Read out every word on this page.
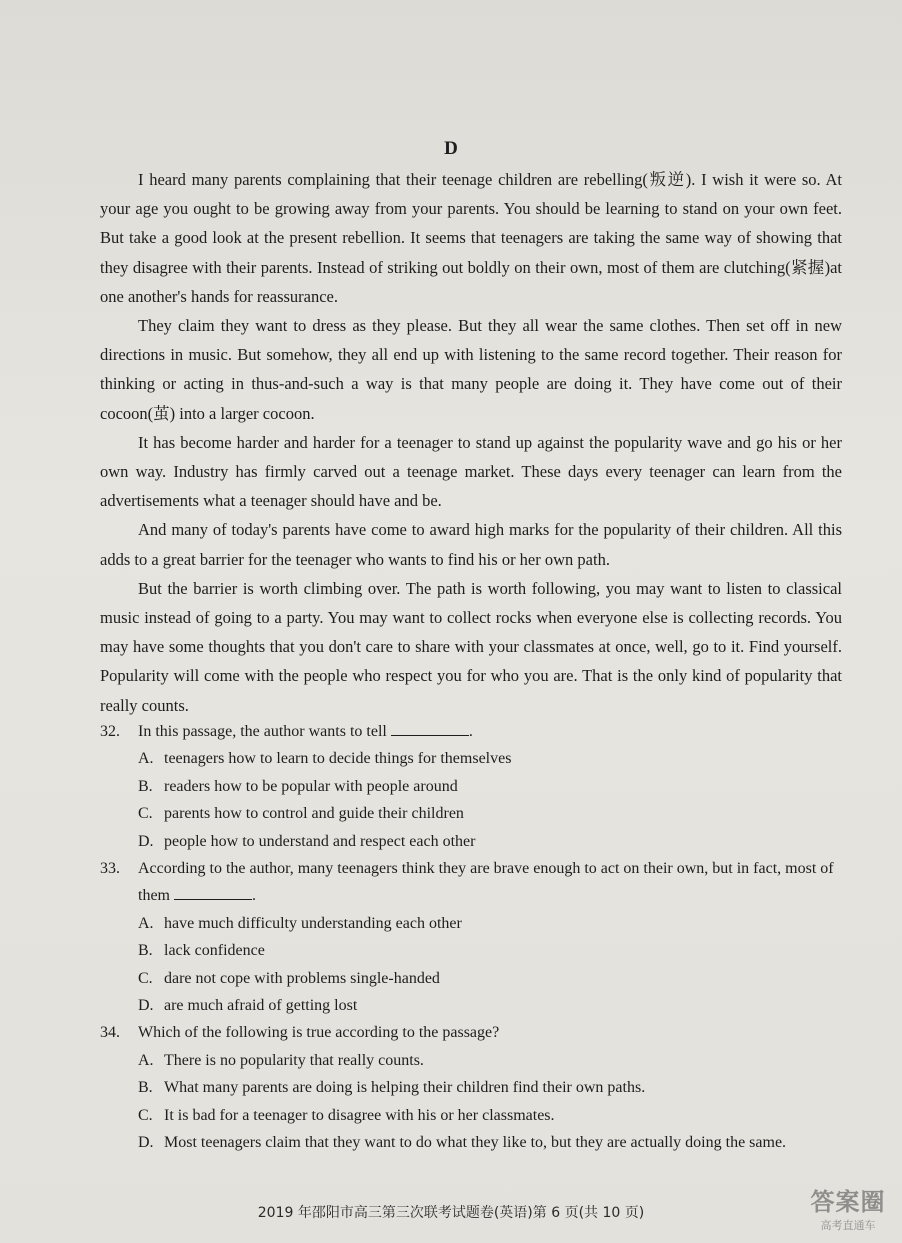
D

I heard many parents complaining that their teenage children are rebelling(叛逆). I wish it were so. At your age you ought to be growing away from your parents. You should be learning to stand on your own feet. But take a good look at the present rebellion. It seems that teenagers are taking the same way of showing that they disagree with their parents. Instead of striking out boldly on their own, most of them are clutching(紧握)at one another's hands for reassurance.

They claim they want to dress as they please. But they all wear the same clothes. Then set off in new directions in music. But somehow, they all end up with listening to the same record together. Their reason for thinking or acting in thus-and-such a way is that many people are doing it. They have come out of their cocoon(茧) into a larger cocoon.

It has become harder and harder for a teenager to stand up against the popularity wave and go his or her own way. Industry has firmly carved out a teenage market. These days every teenager can learn from the advertisements what a teenager should have and be.

And many of today's parents have come to award high marks for the popularity of their children. All this adds to a great barrier for the teenager who wants to find his or her own path.

But the barrier is worth climbing over. The path is worth following, you may want to listen to classical music instead of going to a party. You may want to collect rocks when everyone else is collecting records. You may have some thoughts that you don't care to share with your classmates at once, well, go to it. Find yourself. Popularity will come with the people who respect you for who you are. That is the only kind of popularity that really counts.

32.	In this passage, the author wants to tell	.
A. teenagers how to learn to decide things for themselves
B. readers how to be popular with people around
C. parents how to control and guide their children
D. people how to understand and respect each other
33.	According to the author, many teenagers think they are brave enough to act on their own, but in fact, most of them	.
A. have much difficulty understanding each other
B. lack confidence
C. dare not cope with problems single-handed
D. are much afraid of getting lost
34.	Which of the following is true according to the passage?
A. There is no popularity that really counts.
B. What many parents are doing is helping their children find their own paths.
C. It is bad for a teenager to disagree with his or her classmates.
D. Most teenagers claim that they want to do what they like to, but they are actually doing the same.
2019 年邵阳市高三第三次联考试题卷(英语)第 6 页(共 10 页)	答案圈
高考直通车
